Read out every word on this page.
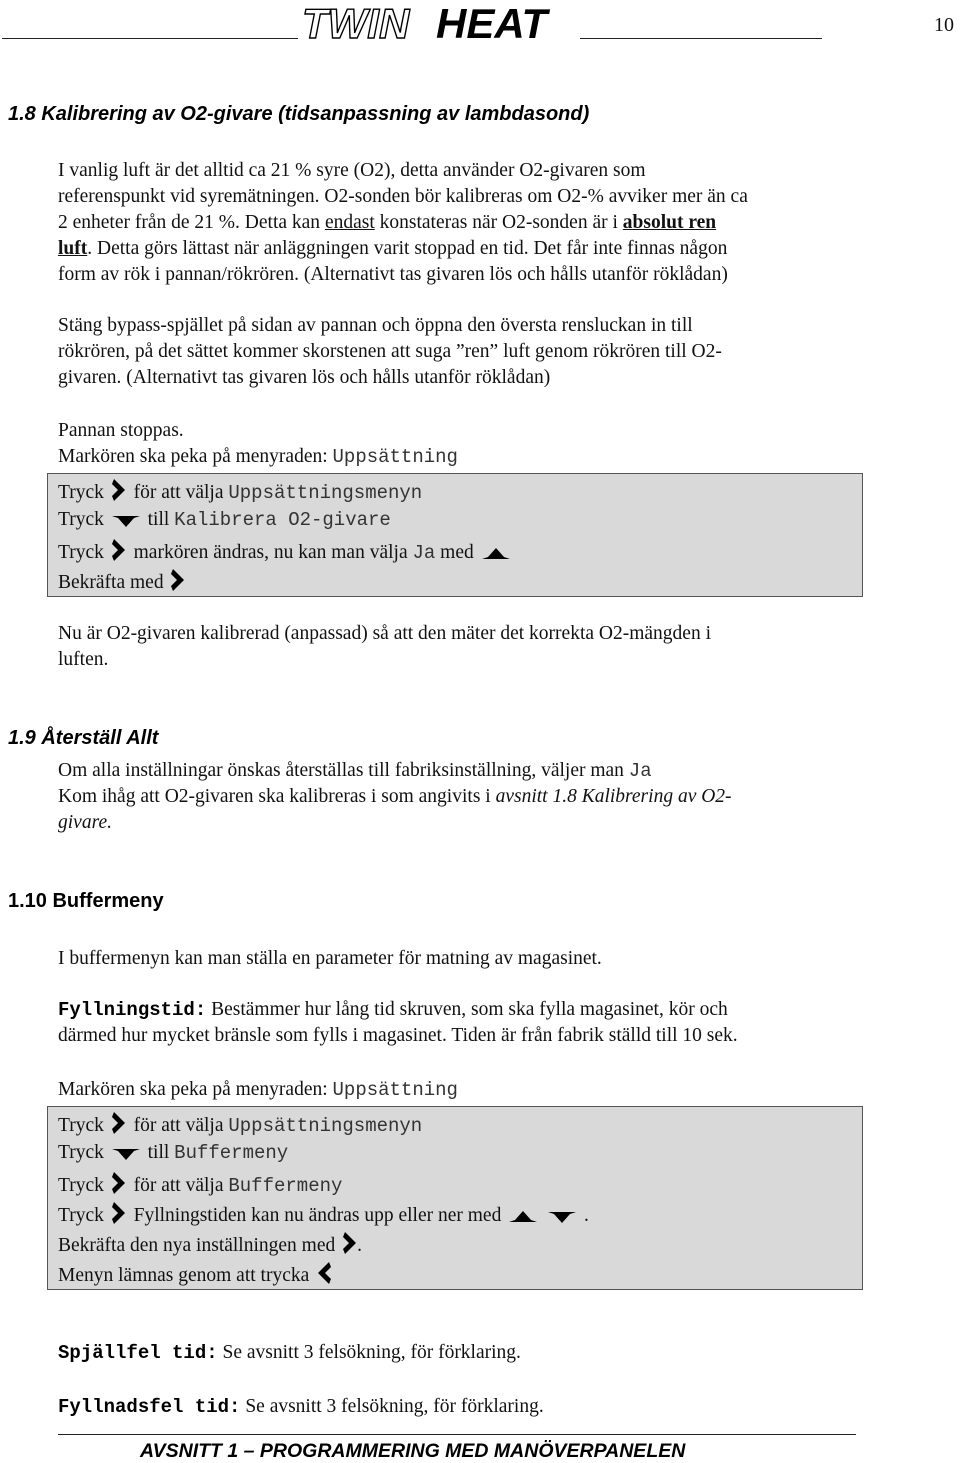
TWIN HEAT	10
1.8 Kalibrering av O2-givare (tidsanpassning av lambdasond)
I vanlig luft är det alltid ca 21 % syre (O2), detta använder O2-givaren som
referenspunkt vid syremätningen. O2-sonden bör kalibreras om O2-% avviker mer än ca
2 enheter från de 21 %. Detta kan endast konstateras när O2-sonden är i absolut ren
luft. Detta görs lättast när anläggningen varit stoppad en tid. Det får inte finnas någon
form av rök i pannan/rökrören. (Alternativt tas givaren lös och hålls utanför röklådan)
Stäng bypass-spjället på sidan av pannan och öppna den översta rensluckan in till
rökrören, på det sättet kommer skorstenen att suga ”ren” luft genom rökrören till O2-
givaren. (Alternativt tas givaren lös och hålls utanför röklådan)
Pannan stoppas.
Markören ska peka på menyraden: Uppsättning
Tryck för att välja Uppsättningsmenyn
Tryck till Kalibrera O2-givare
Tryck markören ändras, nu kan man välja Ja med
Bekräfta med
Nu är O2-givaren kalibrerad (anpassad) så att den mäter det korrekta O2-mängden i
luften.
1.9 Återställ Allt
Om alla inställningar önskas återställas till fabriksinställning, väljer man Ja
Kom ihåg att O2-givaren ska kalibreras i som angivits i avsnitt 1.8 Kalibrering av O2-
givare.
1.10 Buffermeny
I buffermenyn kan man ställa en parameter för matning av magasinet.
Fyllningstid: Bestämmer hur lång tid skruven, som ska fylla magasinet, kör och
därmed hur mycket bränsle som fylls i magasinet. Tiden är från fabrik ställd till 10 sek.
Markören ska peka på menyraden: Uppsättning
Tryck för att välja Uppsättningsmenyn
Tryck till Buffermeny
Tryck för att välja Buffermeny
Tryck Fyllningstiden kan nu ändras upp eller ner med	.
Bekräfta den nya inställningen med .
Menyn lämnas genom att trycka
Spjällfel tid: Se avsnitt 3 felsökning, för förklaring.
Fyllnadsfel tid: Se avsnitt 3 felsökning, för förklaring.
AVSNITT 1 – PROGRAMMERING MED MANÖVERPANELEN
